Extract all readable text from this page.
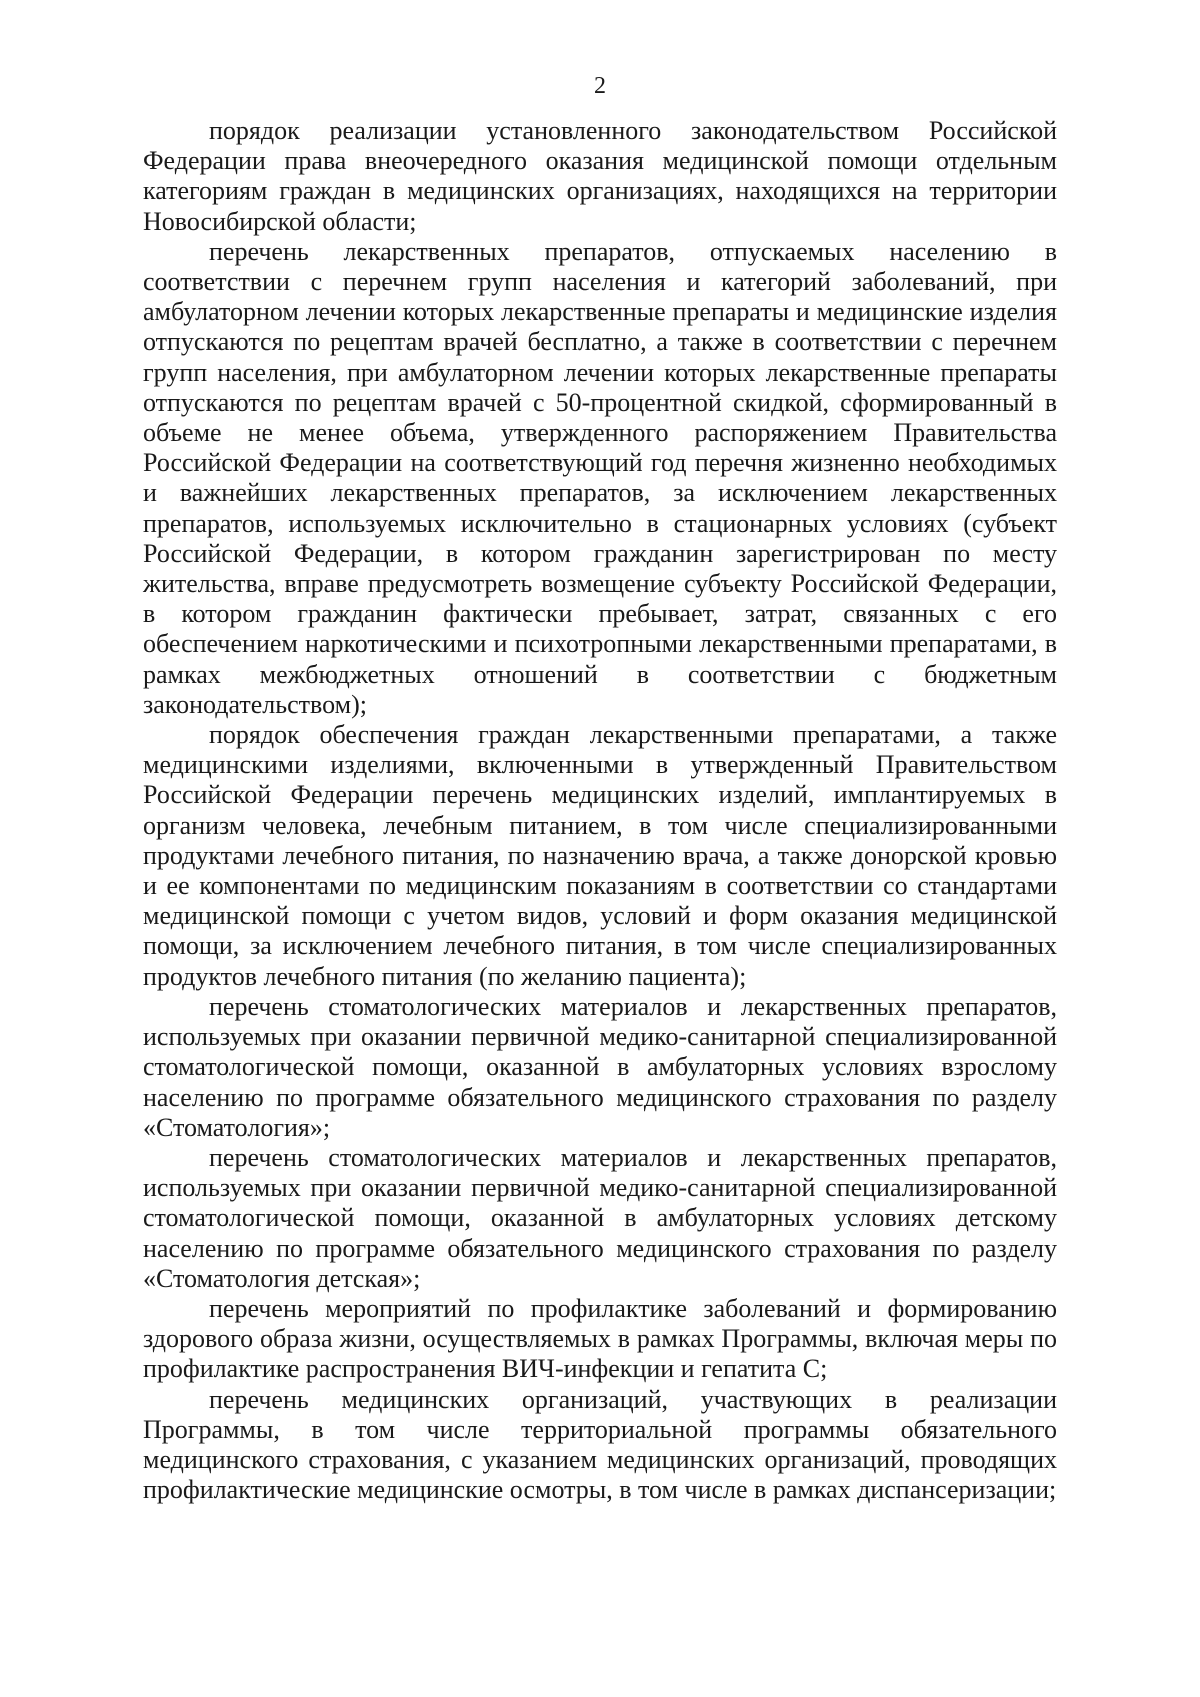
2

порядок реализации установленного законодательством Российской Федерации права внеочередного оказания медицинской помощи отдельным категориям граждан в медицинских организациях, находящихся на территории Новосибирской области;

перечень лекарственных препаратов, отпускаемых населению в соответствии с перечнем групп населения и категорий заболеваний, при амбулаторном лечении которых лекарственные препараты и медицинские изделия отпускаются по рецептам врачей бесплатно, а также в соответствии с перечнем групп населения, при амбулаторном лечении которых лекарственные препараты отпускаются по рецептам врачей с 50-процентной скидкой, сформированный в объеме не менее объема, утвержденного распоряжением Правительства Российской Федерации на соответствующий год перечня жизненно необходимых и важнейших лекарственных препаратов, за исключением лекарственных препаратов, используемых исключительно в стационарных условиях (субъект Российской Федерации, в котором гражданин зарегистрирован по месту жительства, вправе предусмотреть возмещение субъекту Российской Федерации, в котором гражданин фактически пребывает, затрат, связанных с его обеспечением наркотическими и психотропными лекарственными препаратами, в рамках межбюджетных отношений в соответствии с бюджетным законодательством);

порядок обеспечения граждан лекарственными препаратами, а также медицинскими изделиями, включенными в утвержденный Правительством Российской Федерации перечень медицинских изделий, имплантируемых в организм человека, лечебным питанием, в том числе специализированными продуктами лечебного питания, по назначению врача, а также донорской кровью и ее компонентами по медицинским показаниям в соответствии со стандартами медицинской помощи с учетом видов, условий и форм оказания медицинской помощи, за исключением лечебного питания, в том числе специализированных продуктов лечебного питания (по желанию пациента);

перечень стоматологических материалов и лекарственных препаратов, используемых при оказании первичной медико-санитарной специализированной стоматологической помощи, оказанной в амбулаторных условиях взрослому населению по программе обязательного медицинского страхования по разделу «Стоматология»;

перечень стоматологических материалов и лекарственных препаратов, используемых при оказании первичной медико-санитарной специализированной стоматологической помощи, оказанной в амбулаторных условиях детскому населению по программе обязательного медицинского страхования по разделу «Стоматология детская»;

перечень мероприятий по профилактике заболеваний и формированию здорового образа жизни, осуществляемых в рамках Программы, включая меры по профилактике распространения ВИЧ-инфекции и гепатита С;

перечень медицинских организаций, участвующих в реализации Программы, в том числе территориальной программы обязательного медицинского страхования, с указанием медицинских организаций, проводящих профилактические медицинские осмотры, в том числе в рамках диспансеризации;
